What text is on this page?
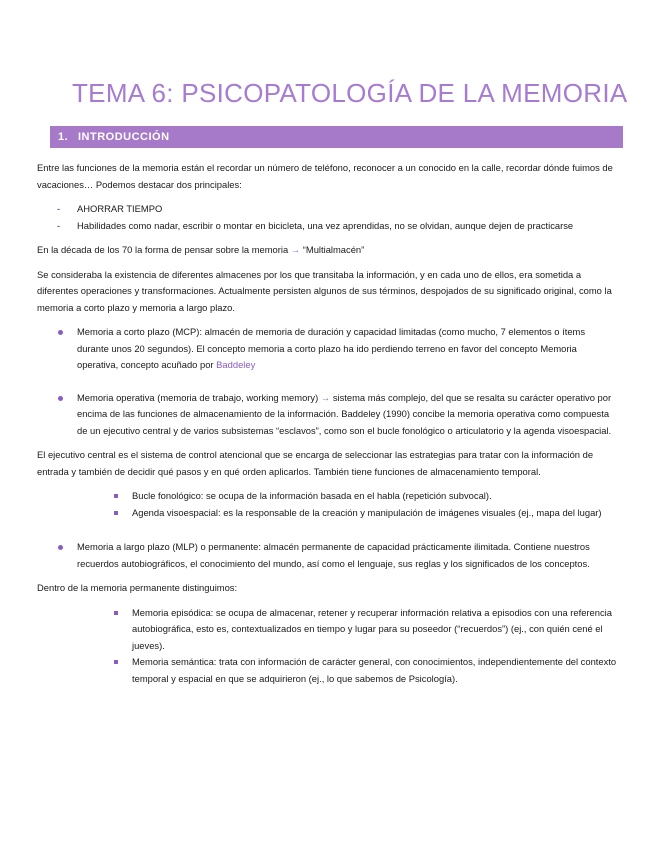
TEMA 6: PSICOPATOLOGÍA DE LA MEMORIA
1. INTRODUCCIÓN

Entre las funciones de la memoria están el recordar un número de teléfono, reconocer a un conocido en la calle, recordar dónde fuimos de vacaciones… Podemos destacar dos principales:

- AHORRAR TIEMPO
- Habilidades como nadar, escribir o montar en bicicleta, una vez aprendidas, no se olvidan, aunque dejen de practicarse

En la década de los 70 la forma de pensar sobre la memoria → “Multialmacén”

Se consideraba la existencia de diferentes almacenes por los que transitaba la información, y en cada uno de ellos, era sometida a diferentes operaciones y transformaciones. Actualmente persisten algunos de sus términos, despojados de su significado original, como la memoria a corto plazo y memoria a largo plazo.

Memoria a corto plazo (MCP): almacén de memoria de duración y capacidad limitadas (como mucho, 7 elementos o ítems durante unos 20 segundos). El concepto memoria a corto plazo ha ido perdiendo terreno en favor del concepto Memoria operativa, concepto acuñado por Baddeley
Memoria operativa (memoria de trabajo, working memory) → sistema más complejo, del que se resalta su carácter operativo por encima de las funciones de almacenamiento de la información. Baddeley (1990) concibe la memoria operativa como compuesta de un ejecutivo central y de varios subsistemas “esclavos”, como son el bucle fonológico o articulatorio y la agenda visoespacial.

El ejecutivo central es el sistema de control atencional que se encarga de seleccionar las estrategias para tratar con la información de entrada y también de decidir qué pasos y en qué orden aplicarlos. También tiene funciones de almacenamiento temporal.

Bucle fonológico: se ocupa de la información basada en el habla (repetición subvocal).
Agenda visoespacial: es la responsable de la creación y manipulación de imágenes visuales (ej., mapa del lugar)
Memoria a largo plazo (MLP) o permanente: almacén permanente de capacidad prácticamente ilimitada. Contiene nuestros recuerdos autobiográficos, el conocimiento del mundo, así como el lenguaje, sus reglas y los significados de los conceptos.

Dentro de la memoria permanente distinguimos:

Memoria episódica: se ocupa de almacenar, retener y recuperar información relativa a episodios con una referencia autobiográfica, esto es, contextualizados en tiempo y lugar para su poseedor (“recuerdos”) (ej., con quién cené el jueves).
Memoria semántica: trata con información de carácter general, con conocimientos, independientemente del contexto temporal y espacial en que se adquirieron (ej., lo que sabemos de Psicología).
